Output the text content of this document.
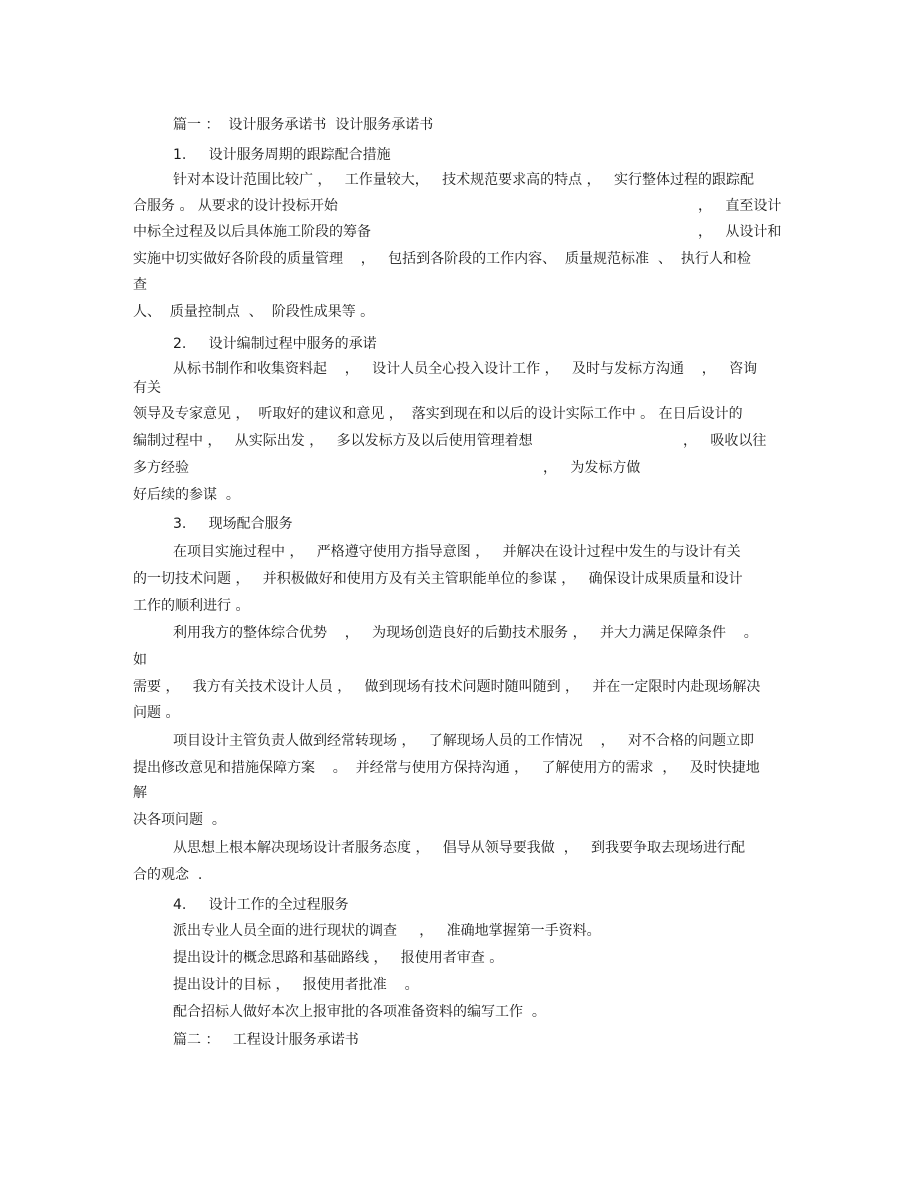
篇一 ：  设计服务承诺书  设计服务承诺书
1.     设计服务周期的跟踪配合措施
针对本设计范围比较广 ，   工作量较大，   技术规范要求高的特点 ，   实行整体过程的跟踪配
合服务 。 从要求的设计投标开始	，   直至设计
中标全过程及以后具体施工阶段的筹备	，   从设计和
实施中切实做好各阶段的质量管理    ，   包括到各阶段的工作内容、  质量规范标准  、  执行人和检
查
人、  质量控制点  、  阶段性成果等 。
2.     设计编制过程中服务的承诺
从标书制作和收集资料起    ，   设计人员全心投入设计工作 ，   及时与发标方沟通    ，   咨询
有关
领导及专家意见 ，  听取好的建议和意见 ，  落实到现在和以后的设计实际工作中 。 在日后设计的
编制过程中 ，   从实际出发 ，   多以发标方及以后使用管理着想	，   吸收以往
多方经验	，   为发标方做
好后续的参谋  。
3.     现场配合服务
在项目实施过程中 ，   严格遵守使用方指导意图 ，   并解决在设计过程中发生的与设计有关
的一切技术问题 ，   并积极做好和使用方及有关主管职能单位的参谋 ，   确保设计成果质量和设计
工作的顺利进行 。
利用我方的整体综合优势    ，   为现场创造良好的后勤技术服务 ，   并大力满足保障条件    。
如
需要 ，   我方有关技术设计人员 ，   做到现场有技术问题时随叫随到 ，   并在一定限时内赴现场解决
问题 。
项目设计主管负责人做到经常转现场 ，   了解现场人员的工作情况    ，   对不合格的问题立即
提出修改意见和措施保障方案    。  并经常与使用方保持沟通 ，   了解使用方的需求  ，   及时快捷地
解
决各项问题  。
从思想上根本解决现场设计者服务态度 ，   倡导从领导要我做  ，   到我要争取去现场进行配
合的观念  .
4.     设计工作的全过程服务
派出专业人员全面的进行现状的调查     ，   准确地掌握第一手资料。
提出设计的概念思路和基础路线 ，   报使用者审查 。
提出设计的目标 ，   报使用者批准    。
配合招标人做好本次上报审批的各项准备资料的编写工作  。
篇二 ：   工程设计服务承诺书
